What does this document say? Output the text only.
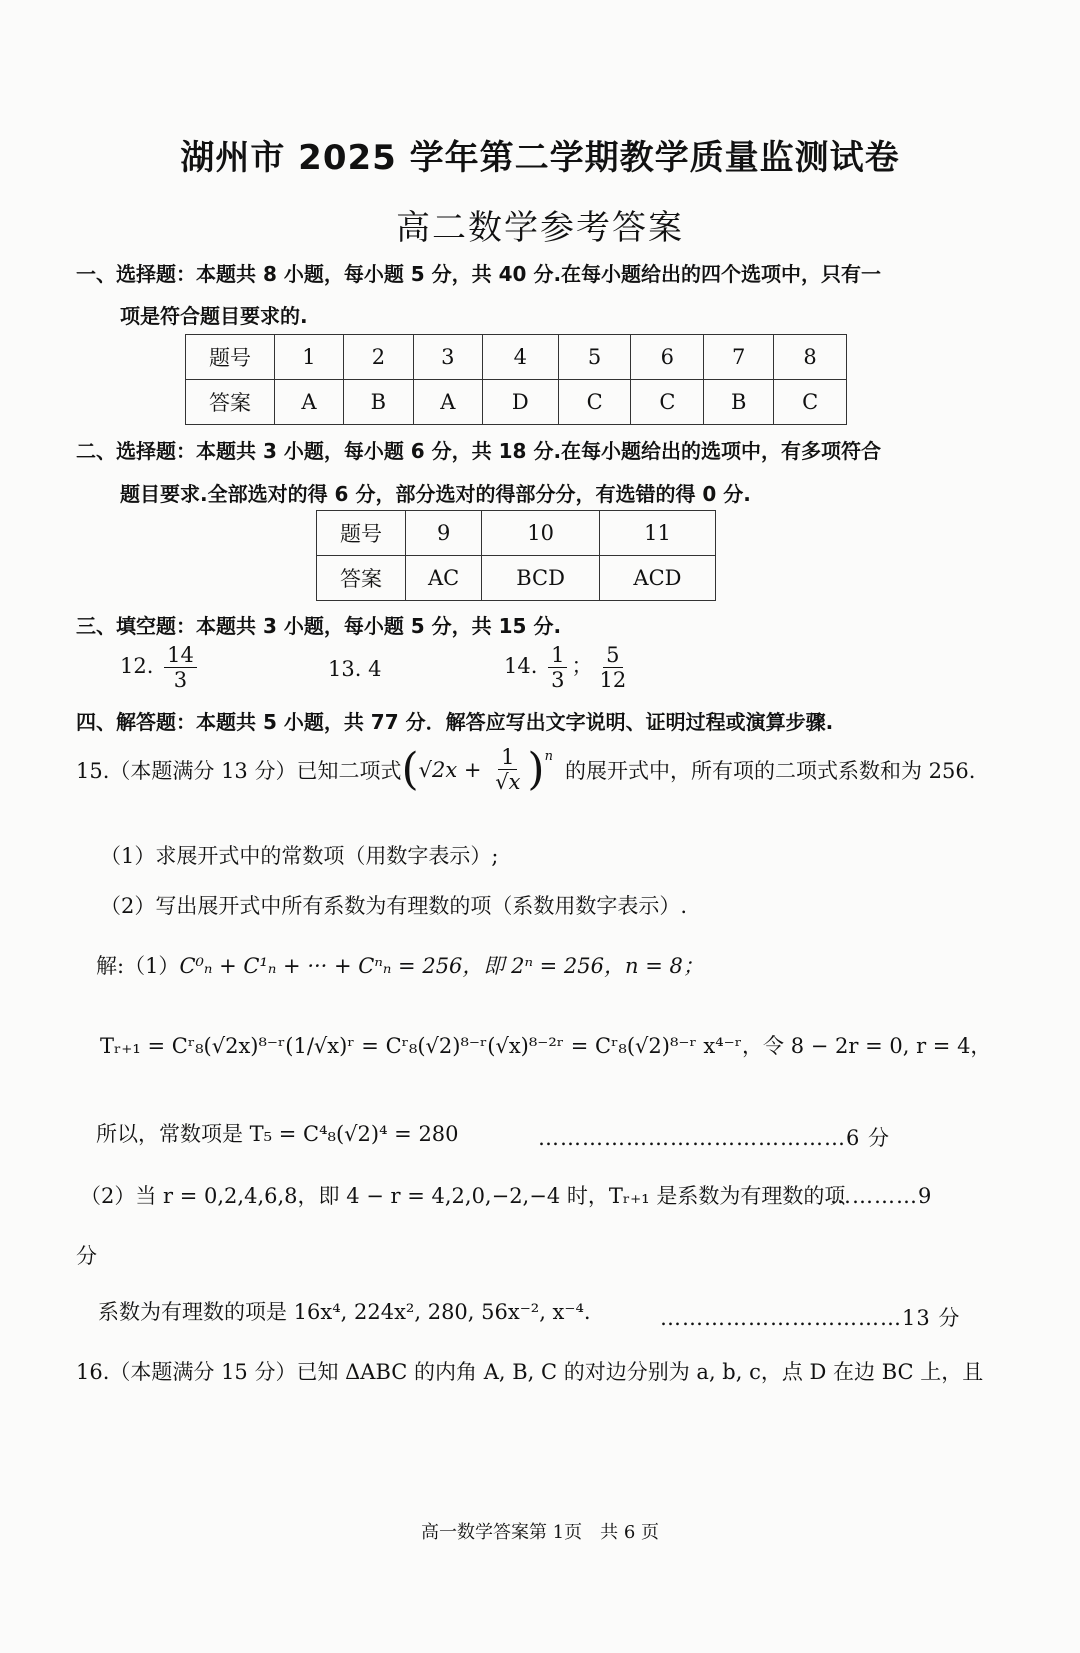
湖州市 2025 学年第二学期教学质量监测试卷
高二数学参考答案
一、选择题：本题共 8 小题，每小题 5 分，共 40 分.在每小题给出的四个选项中，只有一
项是符合题目要求的.
题号	1	2	3	4	5	6	7	8
答案	A	B	A	D	C	C	B	C
二、选择题：本题共 3 小题，每小题 6 分，共 18 分.在每小题给出的选项中，有多项符合
题目要求.全部选对的得 6 分，部分选对的得部分分，有选错的得 0 分.
题号	9	10	11
答案	AC	BCD	ACD
三、填空题：本题共 3 小题，每小题 5 分，共 15 分.
12. $\frac{14}{3}$	13. 4	14. $\frac{1}{3}$ ； $\frac{5}{12}$
四、解答题：本题共 5 小题，共 77 分．解答应写出文字说明、证明过程或演算步骤.
15.（本题满分 13 分）已知二项式 ( $√2x + \frac{1}{√x} )^n$
的展开式中，所有项的二项式系数和为 256.
（1）求展开式中的常数项（用数字表示）;
（2）写出展开式中所有系数为有理数的项（系数用数字表示）.
解:（1）C⁰ₙ + C¹ₙ + ··· + Cⁿₙ = 256，即 2ⁿ = 256，n = 8；
Tᵣ₊₁ = Cʳ₈(√2x)⁸⁻ʳ(1/√x)ʳ = Cʳ₈(√2)⁸⁻ʳ(√x)⁸⁻²ʳ = Cʳ₈(√2)⁸⁻ʳ x⁴⁻ʳ，令 8 − 2r = 0, r = 4，
所以，常数项是 T₅ = C⁴₈(√2)⁴ = 280	……………………………………6 分
（2）当 r = 0,2,4,6,8，即 4 − r = 4,2,0,−2,−4 时，Tᵣ₊₁ 是系数为有理数的项
…………9
分
系数为有理数的项是 16x⁴, 224x², 280, 56x⁻², x⁻⁴.	……………………………13 分
16.（本题满分 15 分）已知 ΔABC 的内角 A, B, C 的对边分别为 a, b, c，点 D 在边 BC 上，且
高一数学答案第 1页　共 6 页
